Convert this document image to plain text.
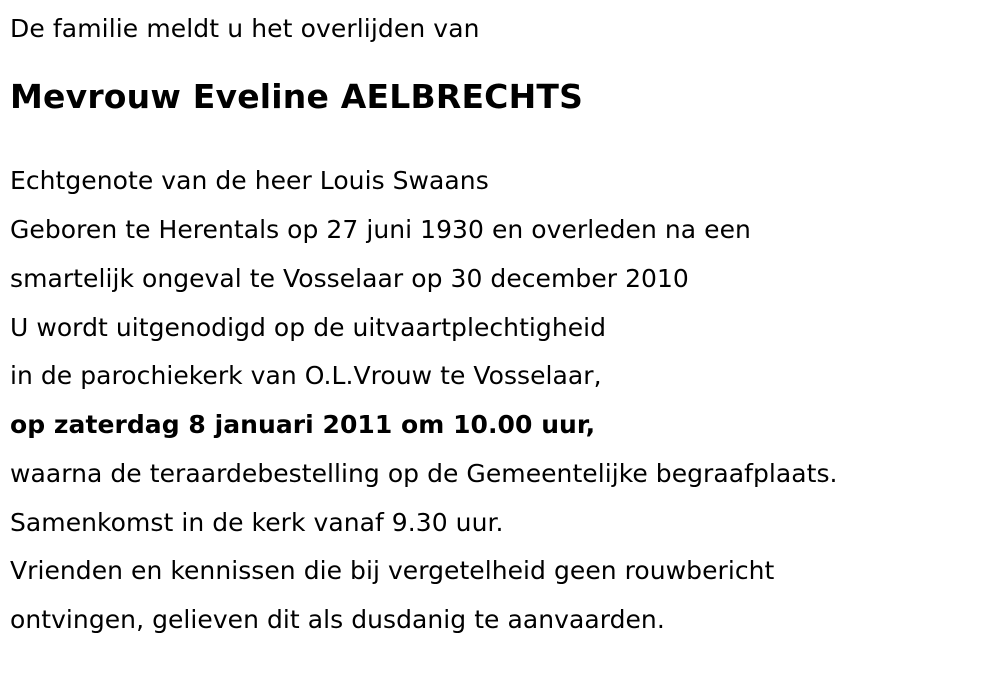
De familie meldt u het overlijden van

Mevrouw Eveline AELBRECHTS
Echtgenote van de heer Louis Swaans
Geboren te Herentals op 27 juni 1930 en overleden na een
smartelijk ongeval te Vosselaar op 30 december 2010
U wordt uitgenodigd op de uitvaartplechtigheid
in de parochiekerk van O.L.Vrouw te Vosselaar,
op zaterdag 8 januari 2011 om 10.00 uur,
waarna de teraardebestelling op de Gemeentelijke begraafplaats.
Samenkomst in de kerk vanaf 9.30 uur.
Vrienden en kennissen die bij vergetelheid geen rouwbericht
ontvingen, gelieven dit als dusdanig te aanvaarden.
